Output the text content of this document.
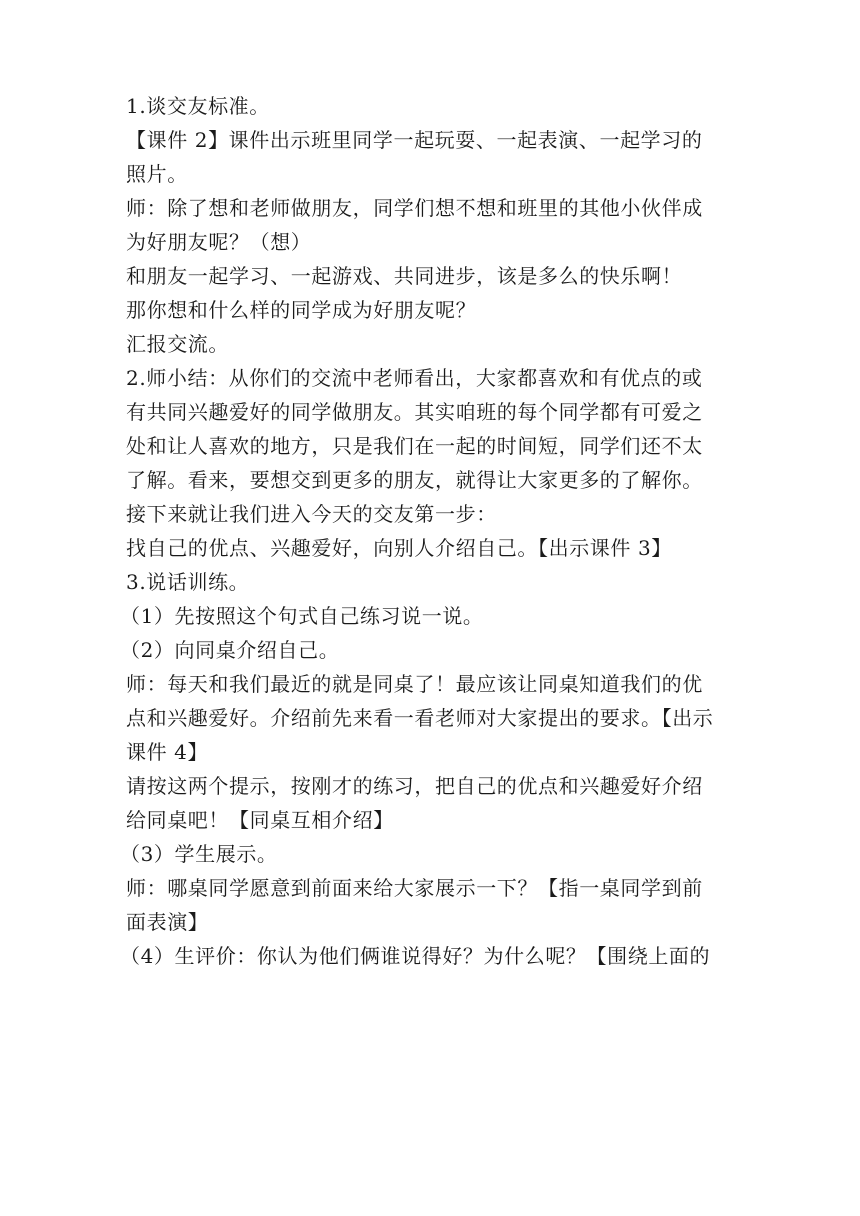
1.谈交友标准。
【课件 2】课件出示班里同学一起玩耍、一起表演、一起学习的
照片。
师：除了想和老师做朋友，同学们想不想和班里的其他小伙伴成
为好朋友呢？（想）
和朋友一起学习、一起游戏、共同进步，该是多么的快乐啊！
那你想和什么样的同学成为好朋友呢？
汇报交流。
2.师小结：从你们的交流中老师看出，大家都喜欢和有优点的或
有共同兴趣爱好的同学做朋友。其实咱班的每个同学都有可爱之
处和让人喜欢的地方，只是我们在一起的时间短，同学们还不太
了解。看来，要想交到更多的朋友，就得让大家更多的了解你。
接下来就让我们进入今天的交友第一步：
找自己的优点、兴趣爱好，向别人介绍自己。【出示课件 3】
3.说话训练。
（1）先按照这个句式自己练习说一说。
（2）向同桌介绍自己。
师：每天和我们最近的就是同桌了！最应该让同桌知道我们的优
点和兴趣爱好。介绍前先来看一看老师对大家提出的要求。【出示
课件 4】
请按这两个提示，按刚才的练习，把自己的优点和兴趣爱好介绍
给同桌吧！【同桌互相介绍】
（3）学生展示。
师：哪桌同学愿意到前面来给大家展示一下？【指一桌同学到前
面表演】
（4）生评价：你认为他们俩谁说得好？为什么呢？【围绕上面的
